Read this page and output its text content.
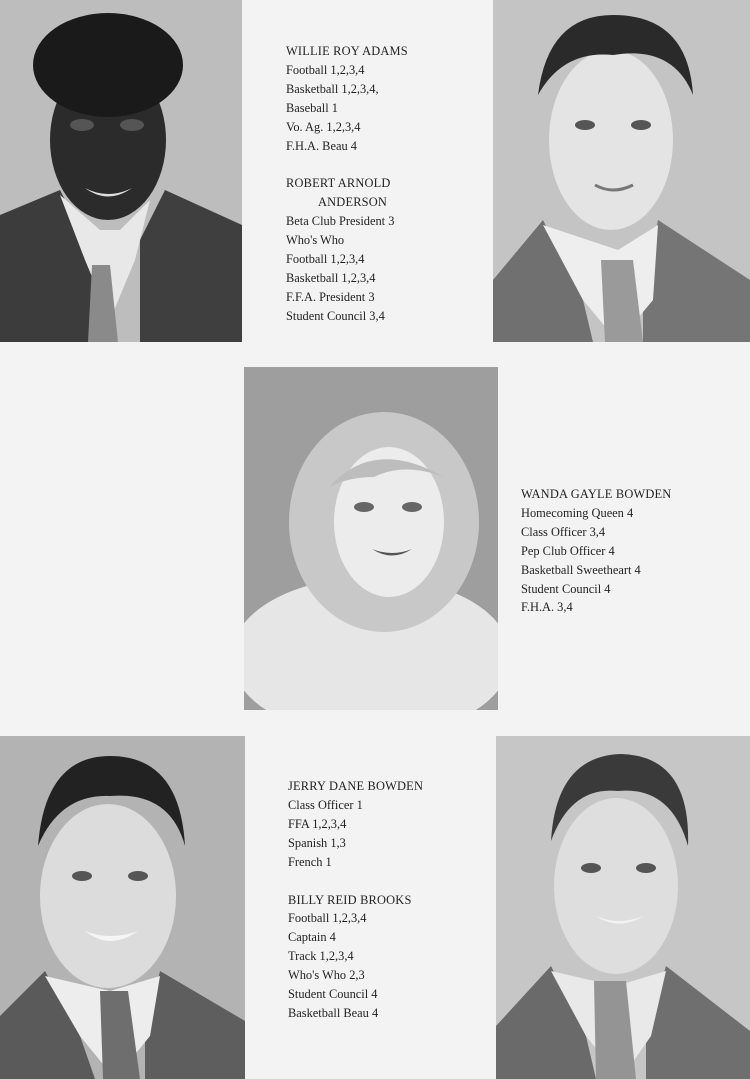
WILLIE ROY ADAMS
Football 1,2,3,4
Basketball 1,2,3,4,
Baseball 1
Vo. Ag. 1,2,3,4
F.H.A. Beau 4
ROBERT ARNOLD
ANDERSON
Beta Club President 3
Who's Who
Football 1,2,3,4
Basketball 1,2,3,4
F.F.A. President 3
Student Council 3,4
WANDA GAYLE BOWDEN
Homecoming Queen 4
Class Officer 3,4
Pep Club Officer 4
Basketball Sweetheart 4
Student Council 4
F.H.A. 3,4
JERRY DANE BOWDEN
Class Officer 1
FFA 1,2,3,4
Spanish 1,3
French 1
BILLY REID BROOKS
Football 1,2,3,4
Captain 4
Track 1,2,3,4
Who's Who 2,3
Student Council 4
Basketball Beau 4
